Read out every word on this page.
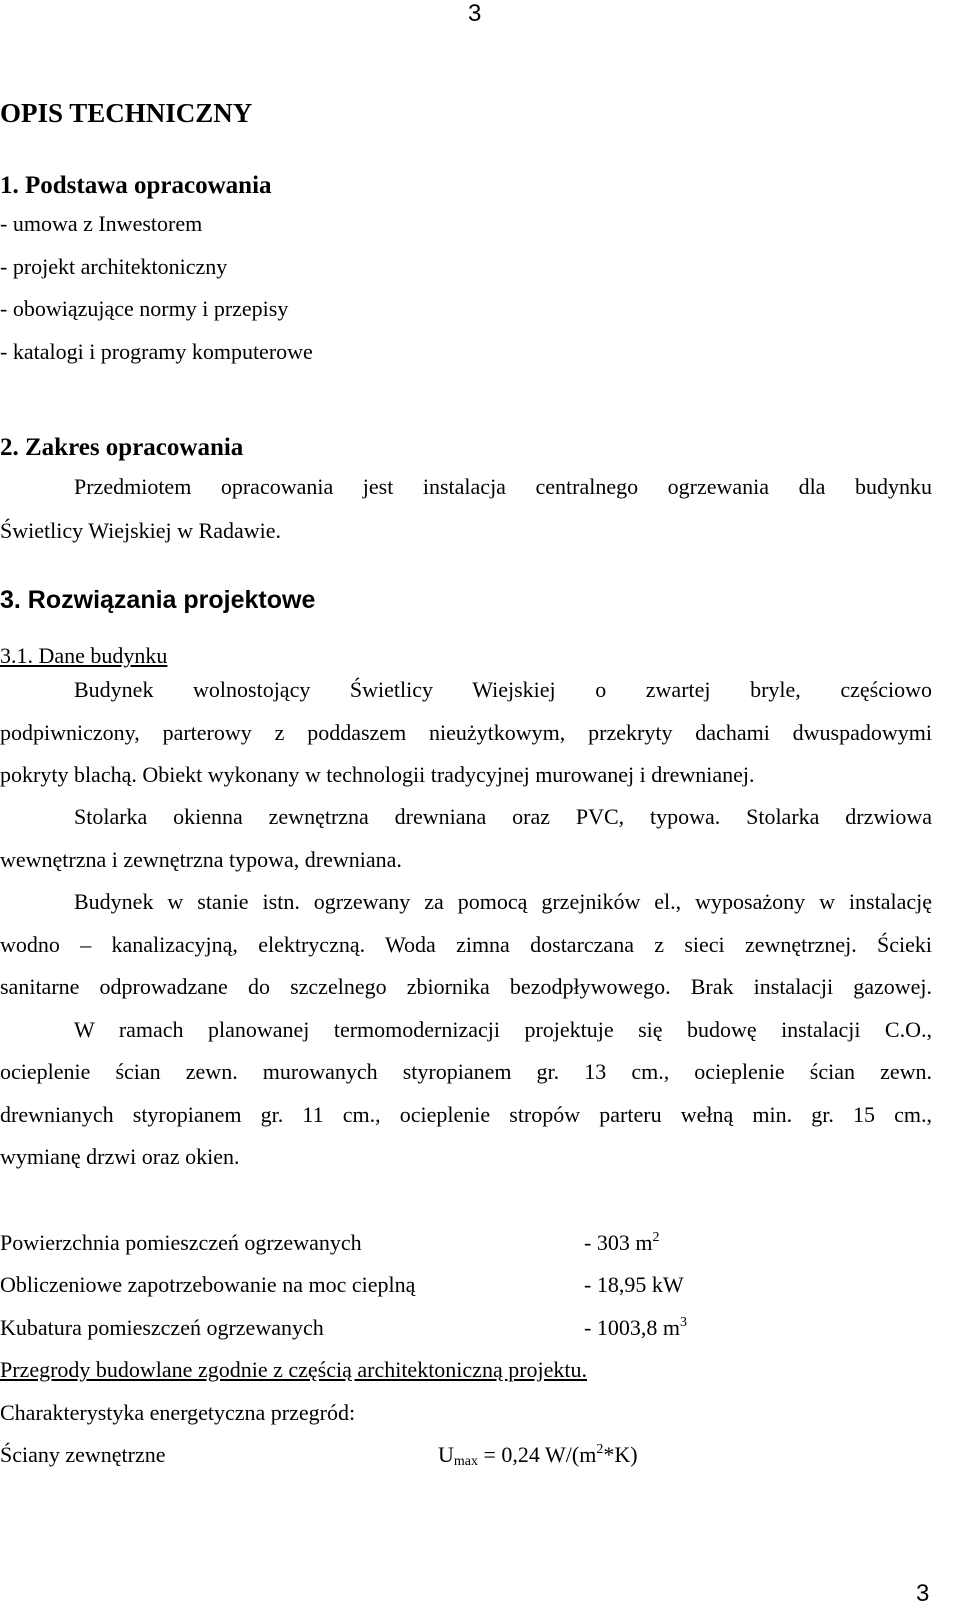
3
OPIS TECHNICZNY
1. Podstawa opracowania
- umowa z Inwestorem
- projekt architektoniczny
- obowiązujące normy i przepisy
- katalogi i programy komputerowe
2. Zakres opracowania
Przedmiotem opracowania jest instalacja centralnego ogrzewania dla budynku
Świetlicy Wiejskiej w Radawie.
3. Rozwiązania projektowe
3.1. Dane budynku
Budynek wolnostojący Świetlicy Wiejskiej o zwartej bryle, częściowo
podpiwniczony, parterowy z poddaszem nieużytkowym, przekryty dachami dwuspadowymi
pokryty blachą. Obiekt wykonany w technologii tradycyjnej murowanej i drewnianej.
Stolarka okienna zewnętrzna drewniana oraz PVC, typowa. Stolarka drzwiowa
wewnętrzna i zewnętrzna typowa, drewniana.
Budynek w stanie istn. ogrzewany za pomocą grzejników el., wyposażony w instalację
wodno – kanalizacyjną, elektryczną. Woda zimna dostarczana z sieci zewnętrznej. Ścieki
sanitarne odprowadzane do szczelnego zbiornika bezodpływowego. Brak instalacji gazowej.
W ramach planowanej termomodernizacji projektuje się budowę instalacji C.O.,
ocieplenie ścian zewn. murowanych styropianem gr. 13 cm., ocieplenie ścian zewn.
drewnianych styropianem gr. 11 cm., ocieplenie stropów parteru wełną min. gr. 15 cm.,
wymianę drzwi oraz okien.
Powierzchnia pomieszczeń ogrzewanych	- 303 $m^2$
Obliczeniowe zapotrzebowanie na moc cieplną	- 18,95 kW
Kubatura pomieszczeń ogrzewanych	- 1003,8 $m^3$
Przegrody budowlane zgodnie z częścią architektoniczną projektu.
Charakterystyka energetyczna przegród:
Ściany zewnętrzne	$U_{max} = 0,24$ $W/(m^2*K)$
3
